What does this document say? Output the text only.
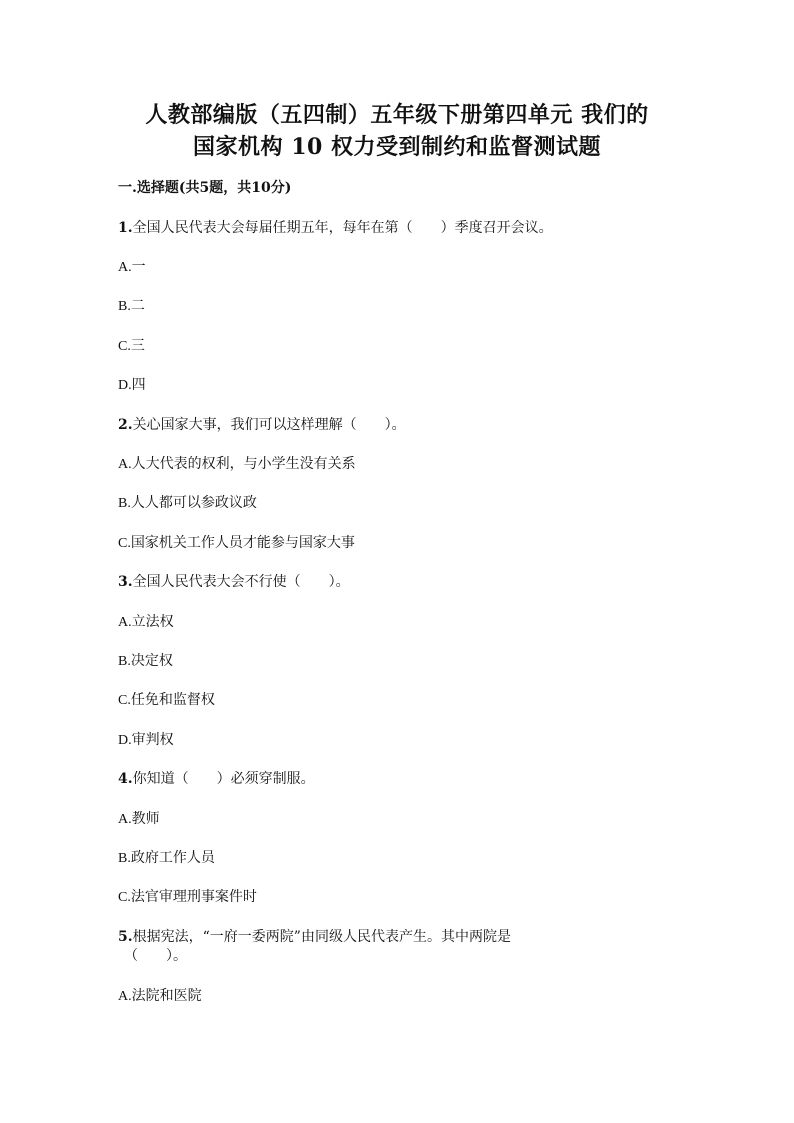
人教部编版（五四制）五年级下册第四单元 我们的
国家机构 10 权力受到制约和监督测试题

一.选择题(共5题，共10分)

1.全国人民代表大会每届任期五年，每年在第（　　）季度召开会议。
A.一
B.二
C.三
D.四
2.关心国家大事，我们可以这样理解（　　）。
A.人大代表的权利，与小学生没有关系
B.人人都可以参政议政
C.国家机关工作人员才能参与国家大事
3.全国人民代表大会不行使（　　）。
A.立法权
B.决定权
C.任免和监督权
D.审判权
4.你知道（　　）必须穿制服。
A.教师
B.政府工作人员
C.法官审理刑事案件时
5.根据宪法，“一府一委两院”由同级人民代表产生。其中两院是
（　　）。
A.法院和医院
